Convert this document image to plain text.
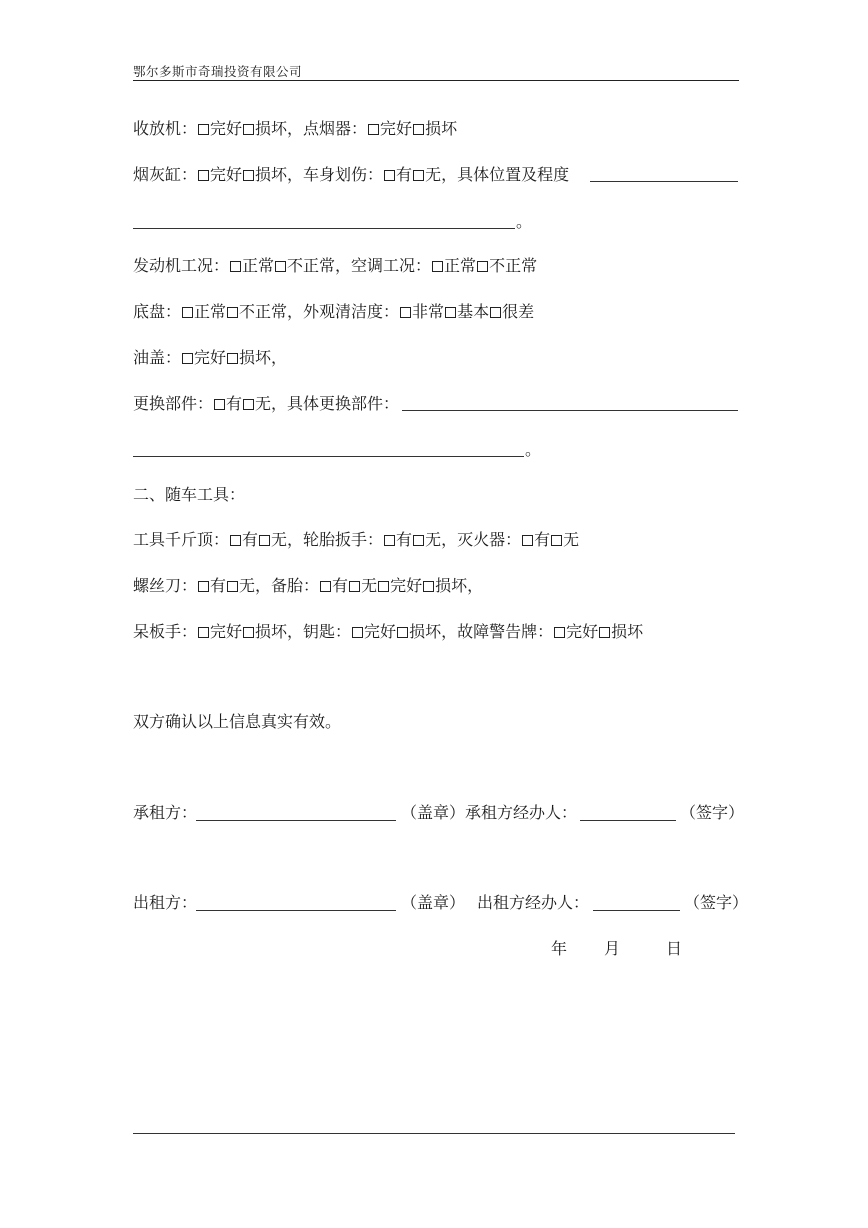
鄂尔多斯市奇瑞投资有限公司
收放机： 完好 损坏，点烟器： 完好 损坏
烟灰缸： 完好 损坏，车身划伤： 有 无，具体位置及程度
。
发动机工况： 正常 不正常，空调工况： 正常 不正常
底盘： 正常 不正常，外观清洁度： 非常 基本 很差
油盖： 完好 损坏，
更换部件： 有 无，具体更换部件：
。
二、随车工具：
工具千斤顶： 有 无，轮胎扳手： 有 无，灭火器： 有 无
螺丝刀： 有 无，备胎： 有 无 完好 损坏，
呆板手： 完好 损坏，钥匙： 完好 损坏，故障警告牌： 完好 损坏
双方确认以上信息真实有效。
承租方：	（盖章） 承租方经办人：	（签字）
出租方：	（盖章） 出租方经办人：	（签字）
年 月	日
